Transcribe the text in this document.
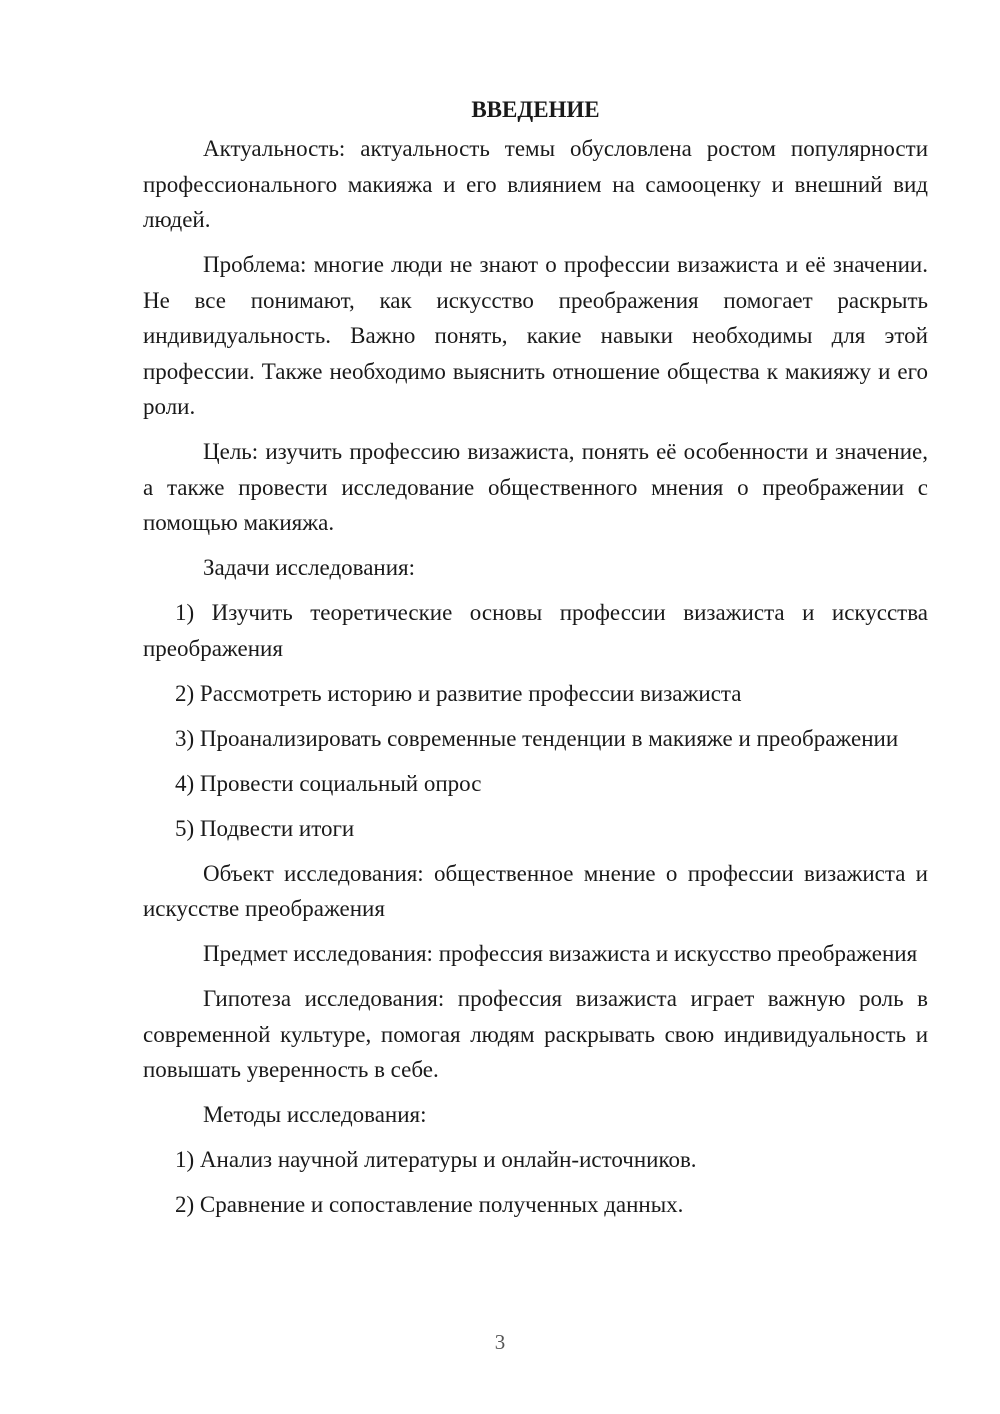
ВВЕДЕНИЕ

Актуальность: актуальность темы обусловлена ростом популярности профессионального макияжа и его влиянием на самооценку и внешний вид людей.

Проблема: многие люди не знают о профессии визажиста и её значении. Не все понимают, как искусство преображения помогает раскрыть индивидуальность. Важно понять, какие навыки необходимы для этой профессии. Также необходимо выяснить отношение общества к макияжу и его роли.

Цель: изучить профессию визажиста, понять её особенности и значение, а также провести исследование общественного мнения о преображении с помощью макияжа.

Задачи исследования:

1) Изучить теоретические основы профессии визажиста и искусства преображения

2) Рассмотреть историю и развитие профессии визажиста

3) Проанализировать современные тенденции в макияже и преображении

4) Провести социальный опрос

5) Подвести итоги

Объект исследования: общественное мнение о профессии визажиста и искусстве преображения

Предмет исследования: профессия визажиста и искусство преображения

Гипотеза исследования: профессия визажиста играет важную роль в современной культуре, помогая людям раскрывать свою индивидуальность и повышать уверенность в себе.

Методы исследования:

1) Анализ научной литературы и онлайн-источников.

2) Сравнение и сопоставление полученных данных.

3
